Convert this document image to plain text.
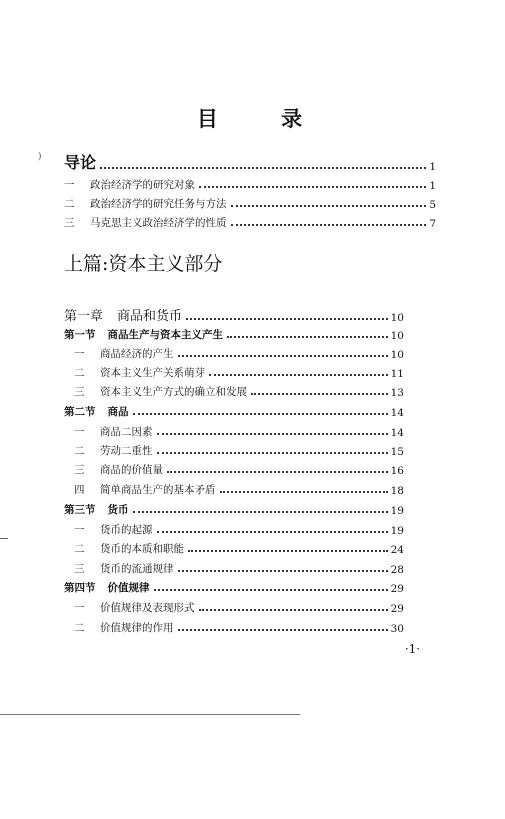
目 录
导论	1
一	政治经济学的研究对象	1
二	政治经济学的研究任务与方法	5
三	马克思主义政治经济学的性质	7
上篇:资本主义部分
第一章 商品和货币	10
第一节 商品生产与资本主义产生	10
一	商品经济的产生	10
二	资本主义生产关系萌芽	11
三	资本主义生产方式的确立和发展	13
第二节 商品	14
一	商品二因素	14
二	劳动二重性	15
三	商品的价值量	16
四	简单商品生产的基本矛盾	18
第三节 货币	19
一	货币的起源	19
二	货币的本质和职能	24
三	货币的流通规律	28
第四节 价值规律	29
一	价值规律及表现形式	29
二	价值规律的作用	30
·1·
)
